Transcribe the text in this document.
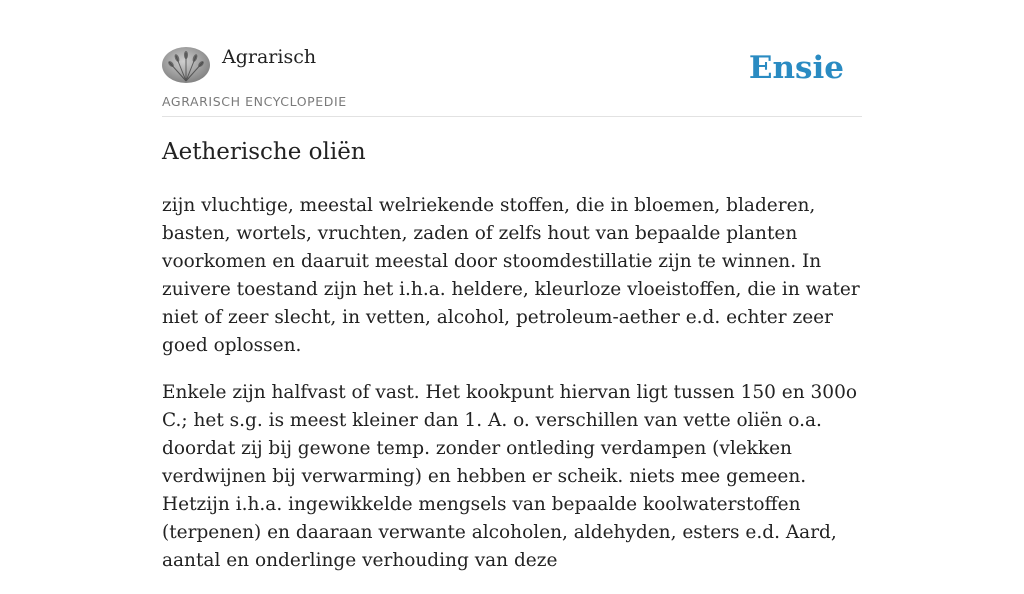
Agrarisch
AGRARISCH ENCYCLOPEDIE
Ensie
Aetherische oliën

zijn vluchtige, meestal welriekende stoffen, die in bloemen, bladeren, basten, wortels, vruchten, zaden of zelfs hout van bepaalde planten voorkomen en daaruit meestal door stoomdestillatie zijn te winnen. In zuivere toestand zijn het i.h.a. heldere, kleurloze vloeistoffen, die in water niet of zeer slecht, in vetten, alcohol, petroleum-aether e.d. echter zeer goed oplossen.

Enkele zijn halfvast of vast. Het kookpunt hiervan ligt tussen 150 en 300o C.; het s.g. is meest kleiner dan 1. A. o. verschillen van vette oliën o.a. doordat zij bij gewone temp. zonder ontleding verdampen (vlekken verdwijnen bij verwarming) en hebben er scheik. niets mee gemeen. Hetzijn i.h.a. ingewikkelde mengsels van bepaalde koolwaterstoffen (terpenen) en daaraan verwante alcoholen, aldehyden, esters e.d. Aard, aantal en onderlinge verhouding van deze
